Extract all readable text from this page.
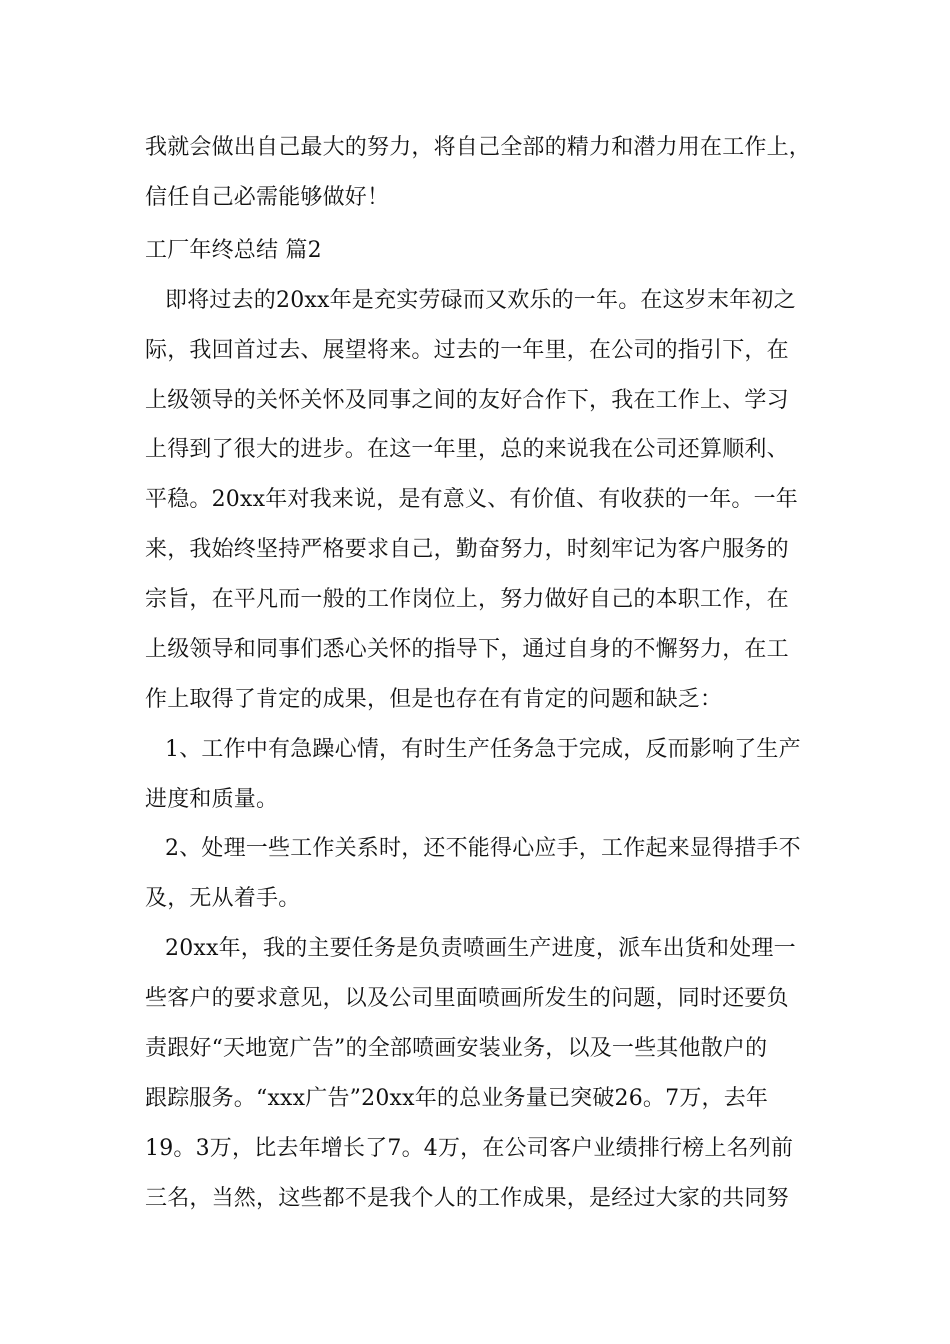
我就会做出自己最大的努力，将自己全部的精力和潜力用在工作上，
信任自己必需能够做好！
工厂年终总结 篇2
即将过去的20xx年是充实劳碌而又欢乐的一年。在这岁末年初之
际，我回首过去、展望将来。过去的一年里，在公司的指引下，在
上级领导的关怀关怀及同事之间的友好合作下，我在工作上、学习
上得到了很大的进步。在这一年里，总的来说我在公司还算顺利、
平稳。20xx年对我来说，是有意义、有价值、有收获的一年。一年
来，我始终坚持严格要求自己，勤奋努力，时刻牢记为客户服务的
宗旨，在平凡而一般的工作岗位上，努力做好自己的本职工作，在
上级领导和同事们悉心关怀的指导下，通过自身的不懈努力，在工
作上取得了肯定的成果，但是也存在有肯定的问题和缺乏：
1、工作中有急躁心情，有时生产任务急于完成，反而影响了生产
进度和质量。
2、处理一些工作关系时，还不能得心应手，工作起来显得措手不
及，无从着手。
20xx年，我的主要任务是负责喷画生产进度，派车出货和处理一
些客户的要求意见，以及公司里面喷画所发生的问题，同时还要负
责跟好“天地宽广告”的全部喷画安装业务，以及一些其他散户的
跟踪服务。“xxx广告”20xx年的总业务量已突破26。7万，去年
19。3万，比去年增长了7。4万，在公司客户业绩排行榜上名列前
三名，当然，这些都不是我个人的工作成果，是经过大家的共同努
